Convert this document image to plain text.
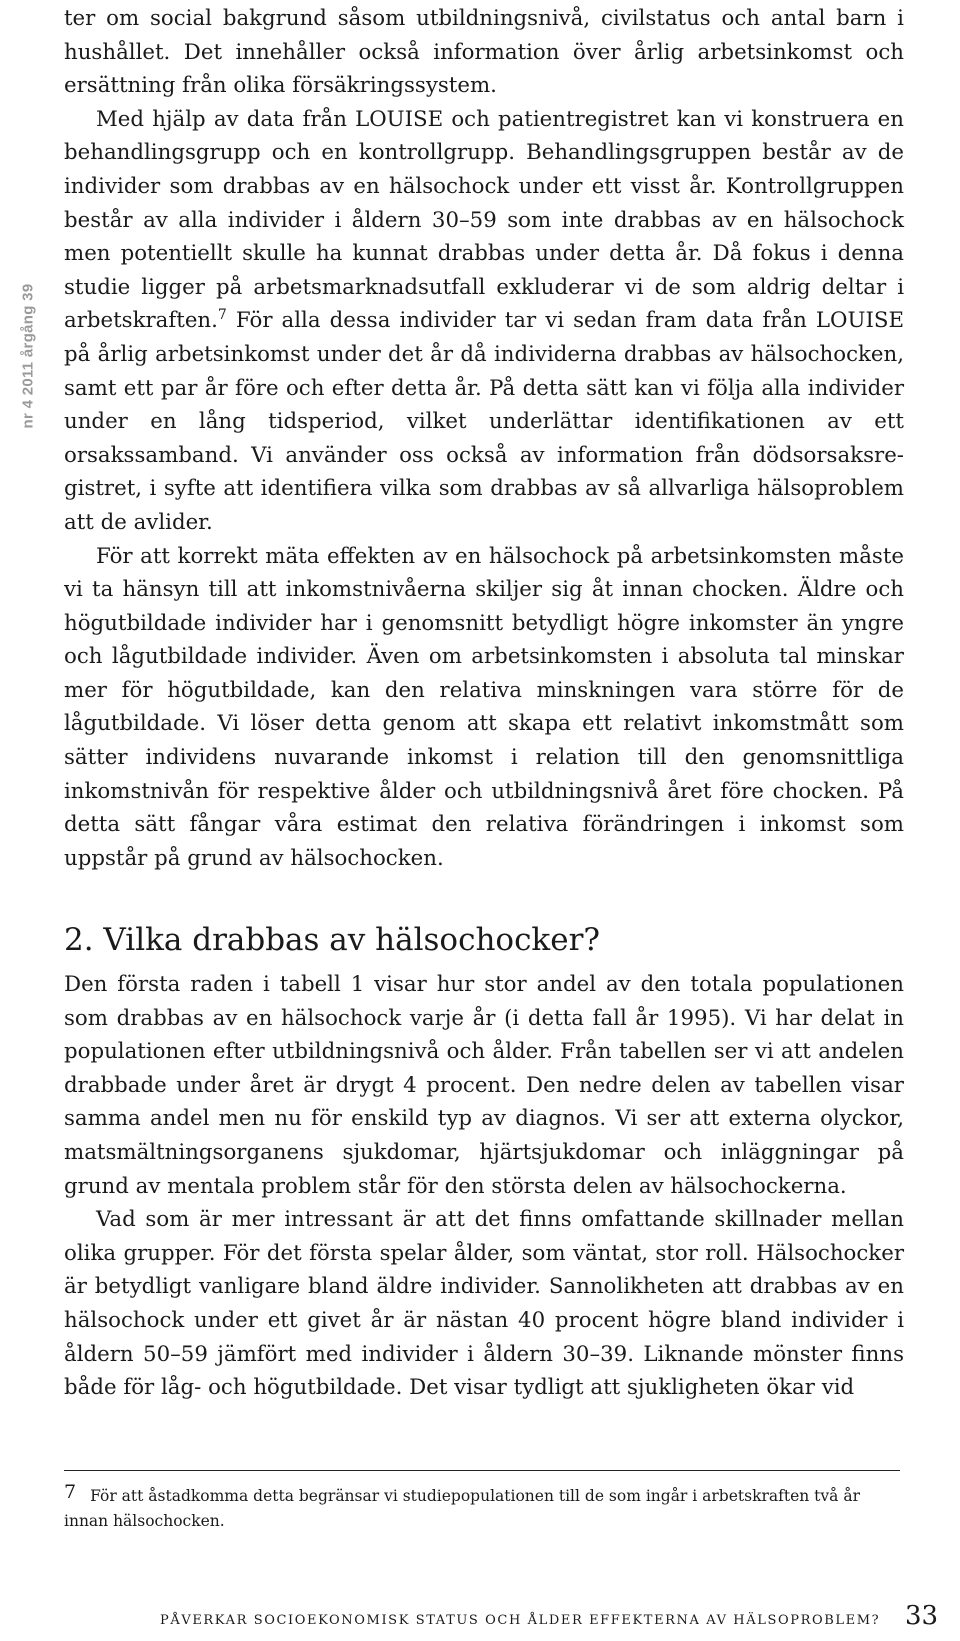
nr 4 2011 årgång 39

ter om social bakgrund såsom utbildningsnivå, civilstatus och antal barn i hushållet. Det innehåller också information över årlig arbetsinkomst och ersättning från olika försäkringssystem.

Med hjälp av data från LOUISE och patientregistret kan vi konstruera en behandlingsgrupp och en kontrollgrupp. Behandlingsgruppen består av de individer som drabbas av en hälsochock under ett visst år. Kontrollgruppen består av alla individer i åldern 30–59 som inte drabbas av en hälsochock men potentiellt skulle ha kunnat drabbas under detta år. Då fokus i denna studie ligger på arbetsmarknadsutfall exkluderar vi de som aldrig deltar i arbetskraften.$^7$ För alla dessa individer tar vi sedan fram data från LOUISE på årlig arbetsinkomst under det år då individerna drabbas av hälsochocken, samt ett par år före och efter detta år. På detta sätt kan vi följa alla individer under en lång tidsperiod, vilket underlättar identifikationen av ett orsakssamband. Vi använder oss också av information från dödsorsaksregistret, i syfte att identifiera vilka som drabbas av så allvarliga hälsoproblem att de avlider.

För att korrekt mäta effekten av en hälsochock på arbetsinkomsten måste vi ta hänsyn till att inkomstnivåerna skiljer sig åt innan chocken. Äldre och högutbildade individer har i genomsnitt betydligt högre inkomster än yngre och lågutbildade individer. Även om arbetsinkomsten i absoluta tal minskar mer för högutbildade, kan den relativa minskningen vara större för de lågutbildade. Vi löser detta genom att skapa ett relativt inkomstmått som sätter individens nuvarande inkomst i relation till den genomsnittliga inkomstnivån för respektive ålder och utbildningsnivå året före chocken. På detta sätt fångar våra estimat den relativa förändringen i inkomst som uppstår på grund av hälsochocken.

2. Vilka drabbas av hälsochocker?

Den första raden i tabell 1 visar hur stor andel av den totala populationen som drabbas av en hälsochock varje år (i detta fall år 1995). Vi har delat in populationen efter utbildningsnivå och ålder. Från tabellen ser vi att andelen drabbade under året är drygt 4 procent. Den nedre delen av tabellen visar samma andel men nu för enskild typ av diagnos. Vi ser att externa olyckor, matsmältningsorganens sjukdomar, hjärtsjukdomar och inläggningar på grund av mentala problem står för den största delen av hälsochockerna.

Vad som är mer intressant är att det finns omfattande skillnader mellan olika grupper. För det första spelar ålder, som väntat, stor roll. Hälsochocker är betydligt vanligare bland äldre individer. Sannolikheten att drabbas av en hälsochock under ett givet år är nästan 40 procent högre bland individer i åldern 50–59 jämfört med individer i åldern 30–39. Liknande mönster finns både för låg- och högutbildade. Det visar tydligt att sjukligheten ökar vid

7 För att åstadkomma detta begränsar vi studiepopulationen till de som ingår i arbetskraften två år innan hälsochocken.
PÅVERKAR SOCIOEKONOMISK STATUS OCH ÅLDER EFFEKTERNA AV HÄLSOPROBLEM? 33
